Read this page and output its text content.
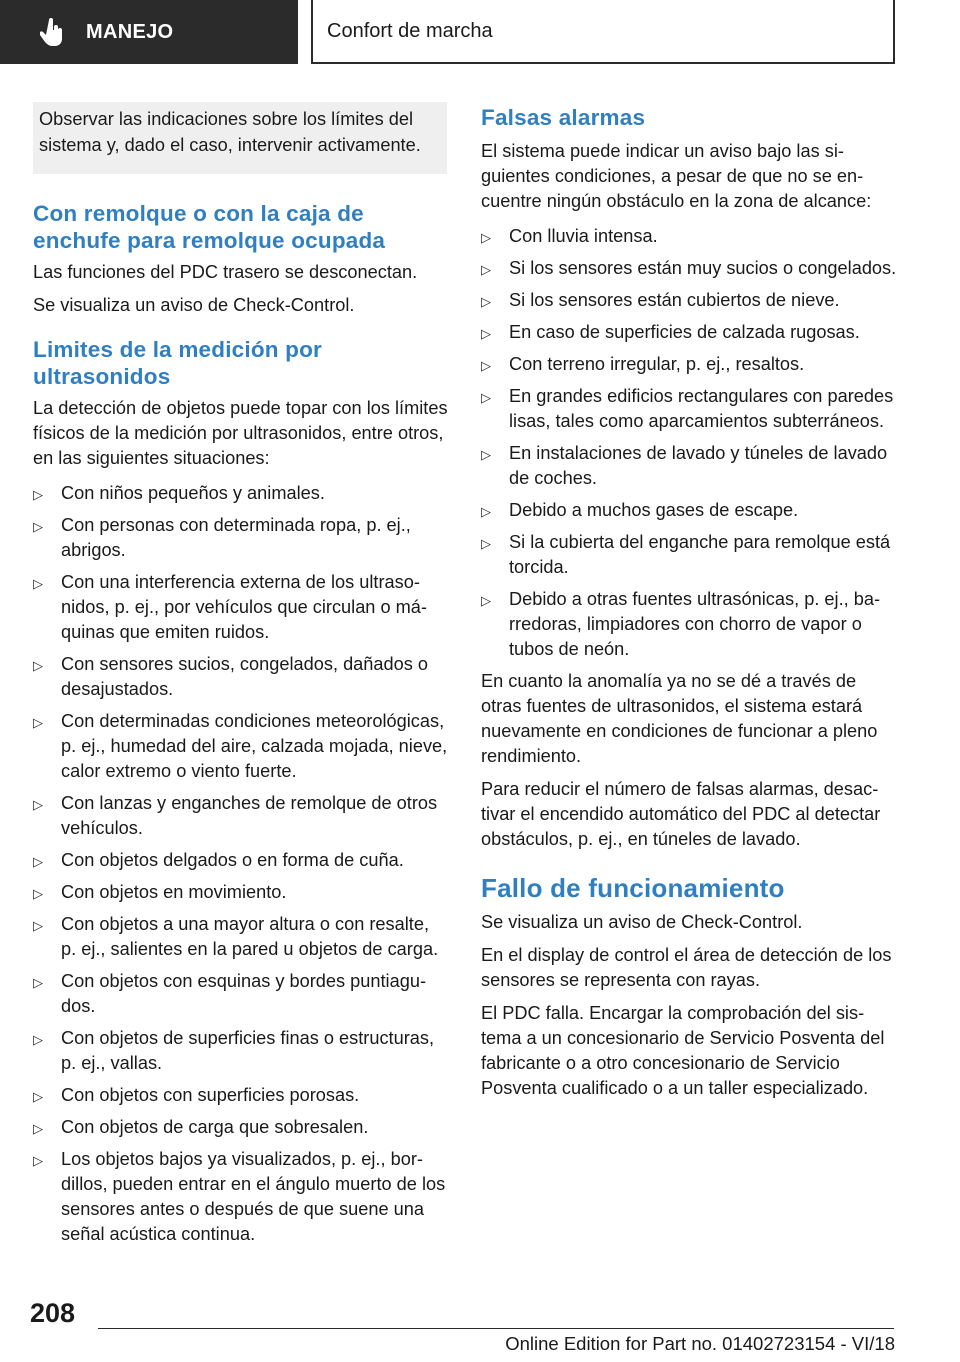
MANEJO	Confort de marcha
Observar las indicaciones sobre los límites del sistema y, dado el caso, intervenir activamente.
Con remolque o con la caja de
enchufe para remolque ocupada

Las funciones del PDC trasero se desconectan.

Se visualiza un aviso de Check-Control.

Limites de la medición por
ultrasonidos

La detección de objetos puede topar con los límites físicos de la medición por ultrasonidos, entre otros, en las siguientes situaciones:

▷ Con niños pequeños y animales.
▷ Con personas con determinada ropa, p. ej., abrigos.
▷ Con una interferencia externa de los ultrasonidos, p. ej., por vehículos que circulan o máquinas que emiten ruidos.
▷ Con sensores sucios, congelados, dañados o desajustados.
▷ Con determinadas condiciones meteorológicas, p. ej., humedad del aire, calzada mojada, nieve, calor extremo o viento fuerte.
▷ Con lanzas y enganches de remolque de otros vehículos.
▷ Con objetos delgados o en forma de cuña.
▷ Con objetos en movimiento.
▷ Con objetos a una mayor altura o con resalte, p. ej., salientes en la pared u objetos de carga.
▷ Con objetos con esquinas y bordes puntiagudos.
▷ Con objetos de superficies finas o estructuras, p. ej., vallas.
▷ Con objetos con superficies porosas.
▷ Con objetos de carga que sobresalen.
▷ Los objetos bajos ya visualizados, p. ej., bordillos, pueden entrar en el ángulo muerto de los sensores antes o después de que suene una señal acústica continua.
Falsas alarmas

El sistema puede indicar un aviso bajo las siguientes condiciones, a pesar de que no se encuentre ningún obstáculo en la zona de alcance:

▷ Con lluvia intensa.
▷ Si los sensores están muy sucios o congelados.
▷ Si los sensores están cubiertos de nieve.
▷ En caso de superficies de calzada rugosas.
▷ Con terreno irregular, p. ej., resaltos.
▷ En grandes edificios rectangulares con paredes lisas, tales como aparcamientos subterráneos.
▷ En instalaciones de lavado y túneles de lavado de coches.
▷ Debido a muchos gases de escape.
▷ Si la cubierta del enganche para remolque está torcida.
▷ Debido a otras fuentes ultrasónicas, p. ej., barredoras, limpiadores con chorro de vapor o tubos de neón.

En cuanto la anomalía ya no se dé a través de otras fuentes de ultrasonidos, el sistema estará nuevamente en condiciones de funcionar a pleno rendimiento.

Para reducir el número de falsas alarmas, desactivar el encendido automático del PDC al detectar obstáculos, p. ej., en túneles de lavado.

Fallo de funcionamiento

Se visualiza un aviso de Check-Control.

En el display de control el área de detección de los sensores se representa con rayas.

El PDC falla. Encargar la comprobación del sistema a un concesionario de Servicio Posventa del fabricante o a otro concesionario de Servicio Posventa cualificado o a un taller especializado.

208
Online Edition for Part no. 01402723154 - VI/18
